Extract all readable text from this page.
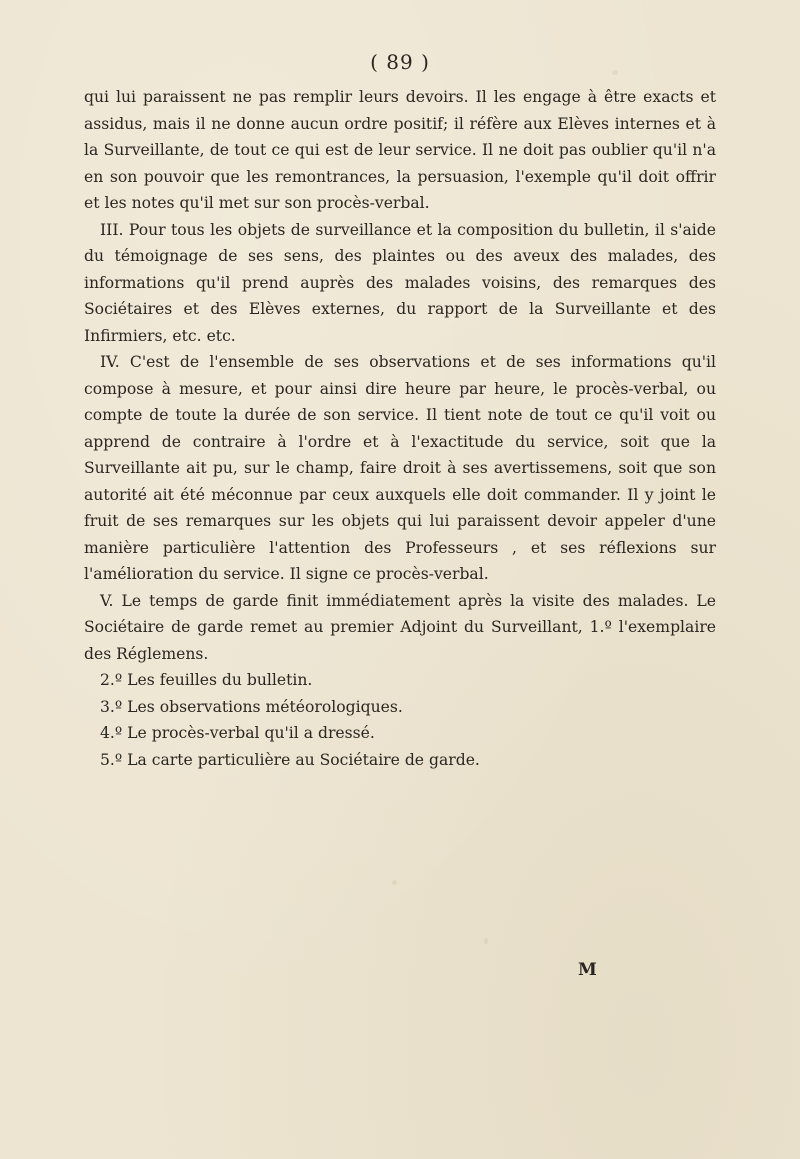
( 89 )

qui lui paraissent ne pas remplir leurs devoirs. Il les engage à être exacts et assidus, mais il ne donne aucun ordre positif; il réfère aux Elèves internes et à la Surveillante, de tout ce qui est de leur service. Il ne doit pas oublier qu'il n'a en son pouvoir que les remontrances, la persuasion, l'exemple qu'il doit offrir et les notes qu'il met sur son procès-verbal.

III. Pour tous les objets de surveillance et la composition du bulletin, il s'aide du témoignage de ses sens, des plaintes ou des aveux des malades, des informations qu'il prend auprès des malades voisins, des remarques des Sociétaires et des Elèves externes, du rapport de la Surveillante et des Infirmiers, etc. etc.

IV. C'est de l'ensemble de ses observations et de ses informations qu'il compose à mesure, et pour ainsi dire heure par heure, le procès-verbal, ou compte de toute la durée de son service. Il tient note de tout ce qu'il voit ou apprend de contraire à l'ordre et à l'exactitude du service, soit que la Surveillante ait pu, sur le champ, faire droit à ses avertissemens, soit que son autorité ait été méconnue par ceux auxquels elle doit commander. Il y joint le fruit de ses remarques sur les objets qui lui paraissent devoir appeler d'une manière particulière l'attention des Professeurs , et ses réflexions sur l'amélioration du service. Il signe ce procès-verbal.

V. Le temps de garde finit immédiatement après la visite des malades. Le Sociétaire de garde remet au premier Adjoint du Surveillant, 1.º l'exemplaire des Réglemens.

2.º Les feuilles du bulletin.

3.º Les observations météorologiques.

4.º Le procès-verbal qu'il a dressé.

5.º La carte particulière au Sociétaire de garde.

M
